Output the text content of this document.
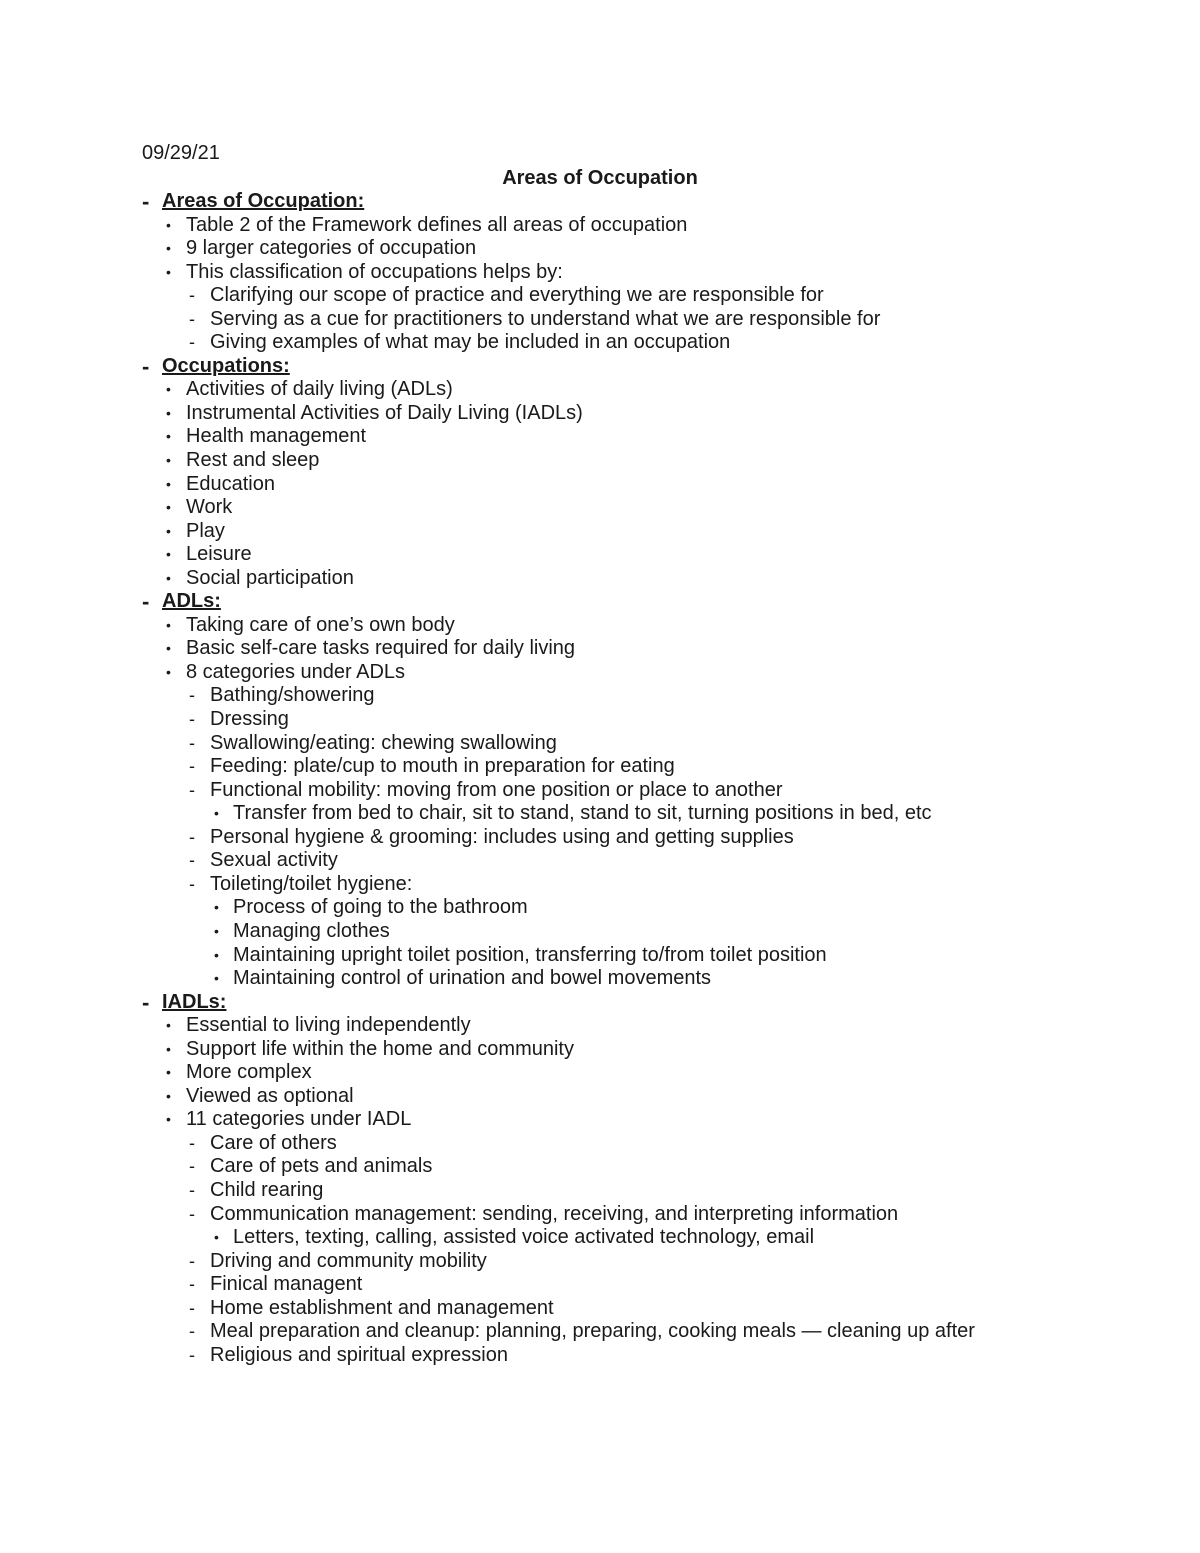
09/29/21
Areas of Occupation
- Areas of Occupation:
• Table 2 of the Framework defines all areas of occupation
• 9 larger categories of occupation
• This classification of occupations helps by:
- Clarifying our scope of practice and everything we are responsible for
- Serving as a cue for practitioners to understand what we are responsible for
- Giving examples of what may be included in an occupation
- Occupations:
• Activities of daily living (ADLs)
• Instrumental Activities of Daily Living (IADLs)
• Health management
• Rest and sleep
• Education
• Work
• Play
• Leisure
• Social participation
- ADLs:
• Taking care of one’s own body
• Basic self-care tasks required for daily living
• 8 categories under ADLs
- Bathing/showering
- Dressing
- Swallowing/eating: chewing swallowing
- Feeding: plate/cup to mouth in preparation for eating
- Functional mobility: moving from one position or place to another
• Transfer from bed to chair, sit to stand, stand to sit, turning positions in bed, etc
- Personal hygiene & grooming: includes using and getting supplies
- Sexual activity
- Toileting/toilet hygiene:
• Process of going to the bathroom
• Managing clothes
• Maintaining upright toilet position, transferring to/from toilet position
• Maintaining control of urination and bowel movements
- IADLs:
• Essential to living independently
• Support life within the home and community
• More complex
• Viewed as optional
• 11 categories under IADL
- Care of others
- Care of pets and animals
- Child rearing
- Communication management: sending, receiving, and interpreting information
• Letters, texting, calling, assisted voice activated technology, email
- Driving and community mobility
- Finical managent
- Home establishment and management
- Meal preparation and cleanup: planning, preparing, cooking meals — cleaning up after
- Religious and spiritual expression
